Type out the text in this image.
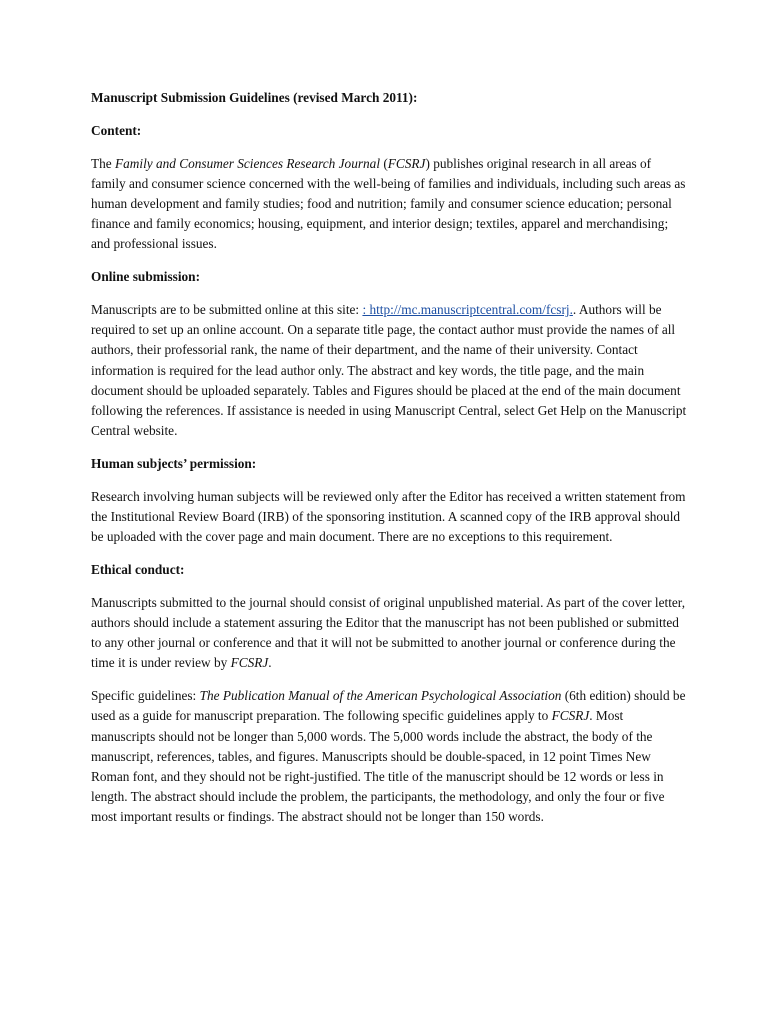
Manuscript Submission Guidelines (revised March 2011):

Content:

The Family and Consumer Sciences Research Journal (FCSRJ) publishes original research in all areas of family and consumer science concerned with the well-being of families and individuals, including such areas as human development and family studies; food and nutrition; family and consumer science education; personal finance and family economics; housing, equipment, and interior design; textiles, apparel and merchandising; and professional issues.

Online submission:

Manuscripts are to be submitted online at this site: : http://mc.manuscriptcentral.com/fcsrj.. Authors will be required to set up an online account. On a separate title page, the contact author must provide the names of all authors, their professorial rank, the name of their department, and the name of their university. Contact information is required for the lead author only. The abstract and key words, the title page, and the main document should be uploaded separately. Tables and Figures should be placed at the end of the main document following the references. If assistance is needed in using Manuscript Central, select Get Help on the Manuscript Central website.

Human subjects’ permission:

Research involving human subjects will be reviewed only after the Editor has received a written statement from the Institutional Review Board (IRB) of the sponsoring institution. A scanned copy of the IRB approval should be uploaded with the cover page and main document. There are no exceptions to this requirement.

Ethical conduct:

Manuscripts submitted to the journal should consist of original unpublished material. As part of the cover letter, authors should include a statement assuring the Editor that the manuscript has not been published or submitted to any other journal or conference and that it will not be submitted to another journal or conference during the time it is under review by FCSRJ.

Specific guidelines: The Publication Manual of the American Psychological Association (6th edition) should be used as a guide for manuscript preparation. The following specific guidelines apply to FCSRJ. Most manuscripts should not be longer than 5,000 words. The 5,000 words include the abstract, the body of the manuscript, references, tables, and figures. Manuscripts should be double-spaced, in 12 point Times New Roman font, and they should not be right-justified. The title of the manuscript should be 12 words or less in length. The abstract should include the problem, the participants, the methodology, and only the four or five most important results or findings. The abstract should not be longer than 150 words.
